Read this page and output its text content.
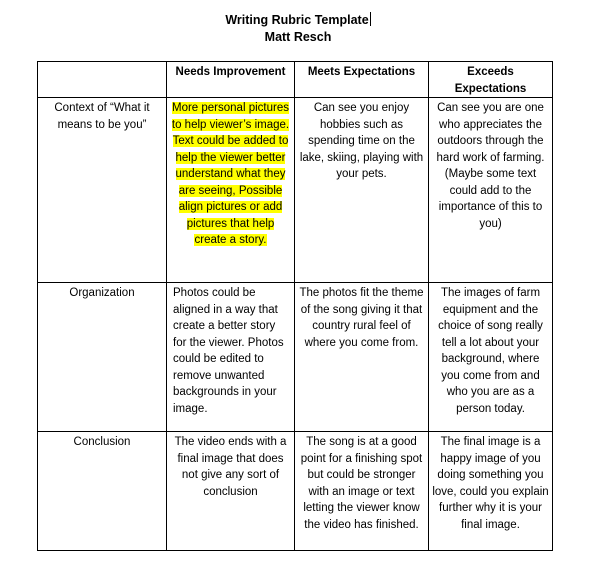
Writing Rubric Template
Matt Resch
	Needs Improvement	Meets Expectations	Exceeds Expectations
Context of “What it means to be you”	More personal pictures to help viewer’s image. Text could be added to help the viewer better understand what they are seeing, Possible align pictures or add pictures that help create a story.	Can see you enjoy hobbies such as spending time on the lake, skiing, playing with your pets.	Can see you are one who appreciates the outdoors through the hard work of farming. (Maybe some text could add to the importance of this to you)
Organization	Photos could be aligned in a way that create a better story for the viewer. Photos could be edited to remove unwanted backgrounds in your image.	The photos fit the theme of the song giving it that country rural feel of where you come from.	The images of farm equipment and the choice of song really tell a lot about your background, where you come from and who you are as a person today.
Conclusion	The video ends with a final image that does not give any sort of conclusion	The song is at a good point for a finishing spot but could be stronger with an image or text letting the viewer know the video has finished.	The final image is a happy image of you doing something you love, could you explain further why it is your final image.
